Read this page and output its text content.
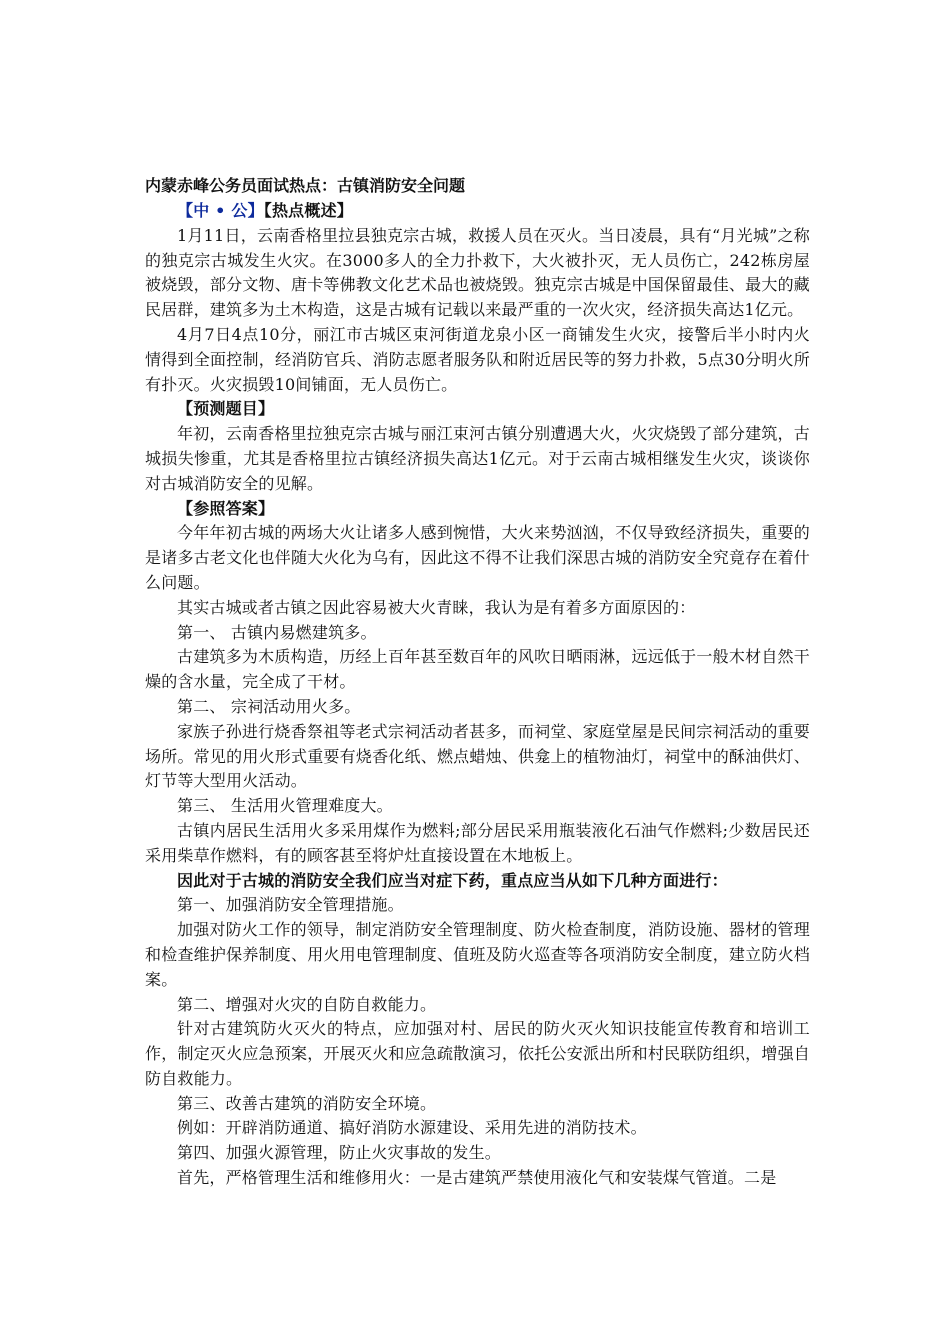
内蒙赤峰公务员面试热点：古镇消防安全问题

【中 • 公】【热点概述】

1月11日，云南香格里拉县独克宗古城，救援人员在灭火。当日凌晨，具有“月光城”之称的独克宗古城发生火灾。在3000多人的全力扑救下，大火被扑灭，无人员伤亡，242栋房屋被烧毁，部分文物、唐卡等佛教文化艺术品也被烧毁。独克宗古城是中国保留最佳、最大的藏民居群，建筑多为土木构造，这是古城有记载以来最严重的一次火灾，经济损失高达1亿元。

4月7日4点10分，丽江市古城区束河街道龙泉小区一商铺发生火灾，接警后半小时内火情得到全面控制，经消防官兵、消防志愿者服务队和附近居民等的努力扑救，5点30分明火所有扑灭。火灾损毁10间铺面，无人员伤亡。

【预测题目】

年初，云南香格里拉独克宗古城与丽江束河古镇分别遭遇大火，火灾烧毁了部分建筑，古城损失惨重，尤其是香格里拉古镇经济损失高达1亿元。对于云南古城相继发生火灾，谈谈你对古城消防安全的见解。

【参照答案】

今年年初古城的两场大火让诸多人感到惋惜，大火来势汹汹，不仅导致经济损失，重要的是诸多古老文化也伴随大火化为乌有，因此这不得不让我们深思古城的消防安全究竟存在着什么问题。

其实古城或者古镇之因此容易被大火青睐，我认为是有着多方面原因的：

第一、 古镇内易燃建筑多。

古建筑多为木质构造，历经上百年甚至数百年的风吹日晒雨淋，远远低于一般木材自然干燥的含水量，完全成了干材。

第二、 宗祠活动用火多。

家族子孙进行烧香祭祖等老式宗祠活动者甚多，而祠堂、家庭堂屋是民间宗祠活动的重要场所。常见的用火形式重要有烧香化纸、燃点蜡烛、供龛上的植物油灯，祠堂中的酥油供灯、灯节等大型用火活动。

第三、 生活用火管理难度大。

古镇内居民生活用火多采用煤作为燃料;部分居民采用瓶装液化石油气作燃料;少数居民还采用柴草作燃料，有的顾客甚至将炉灶直接设置在木地板上。

因此对于古城的消防安全我们应当对症下药，重点应当从如下几种方面进行：

第一、加强消防安全管理措施。

加强对防火工作的领导，制定消防安全管理制度、防火检查制度，消防设施、器材的管理和检查维护保养制度、用火用电管理制度、值班及防火巡查等各项消防安全制度，建立防火档案。

第二、增强对火灾的自防自救能力。

针对古建筑防火灭火的特点，应加强对村、居民的防火灭火知识技能宣传教育和培训工作，制定灭火应急预案，开展灭火和应急疏散演习，依托公安派出所和村民联防组织，增强自防自救能力。

第三、改善古建筑的消防安全环境。

例如：开辟消防通道、搞好消防水源建设、采用先进的消防技术。

第四、加强火源管理，防止火灾事故的发生。

首先，严格管理生活和维修用火：一是古建筑严禁使用液化气和安装煤气管道。二是
